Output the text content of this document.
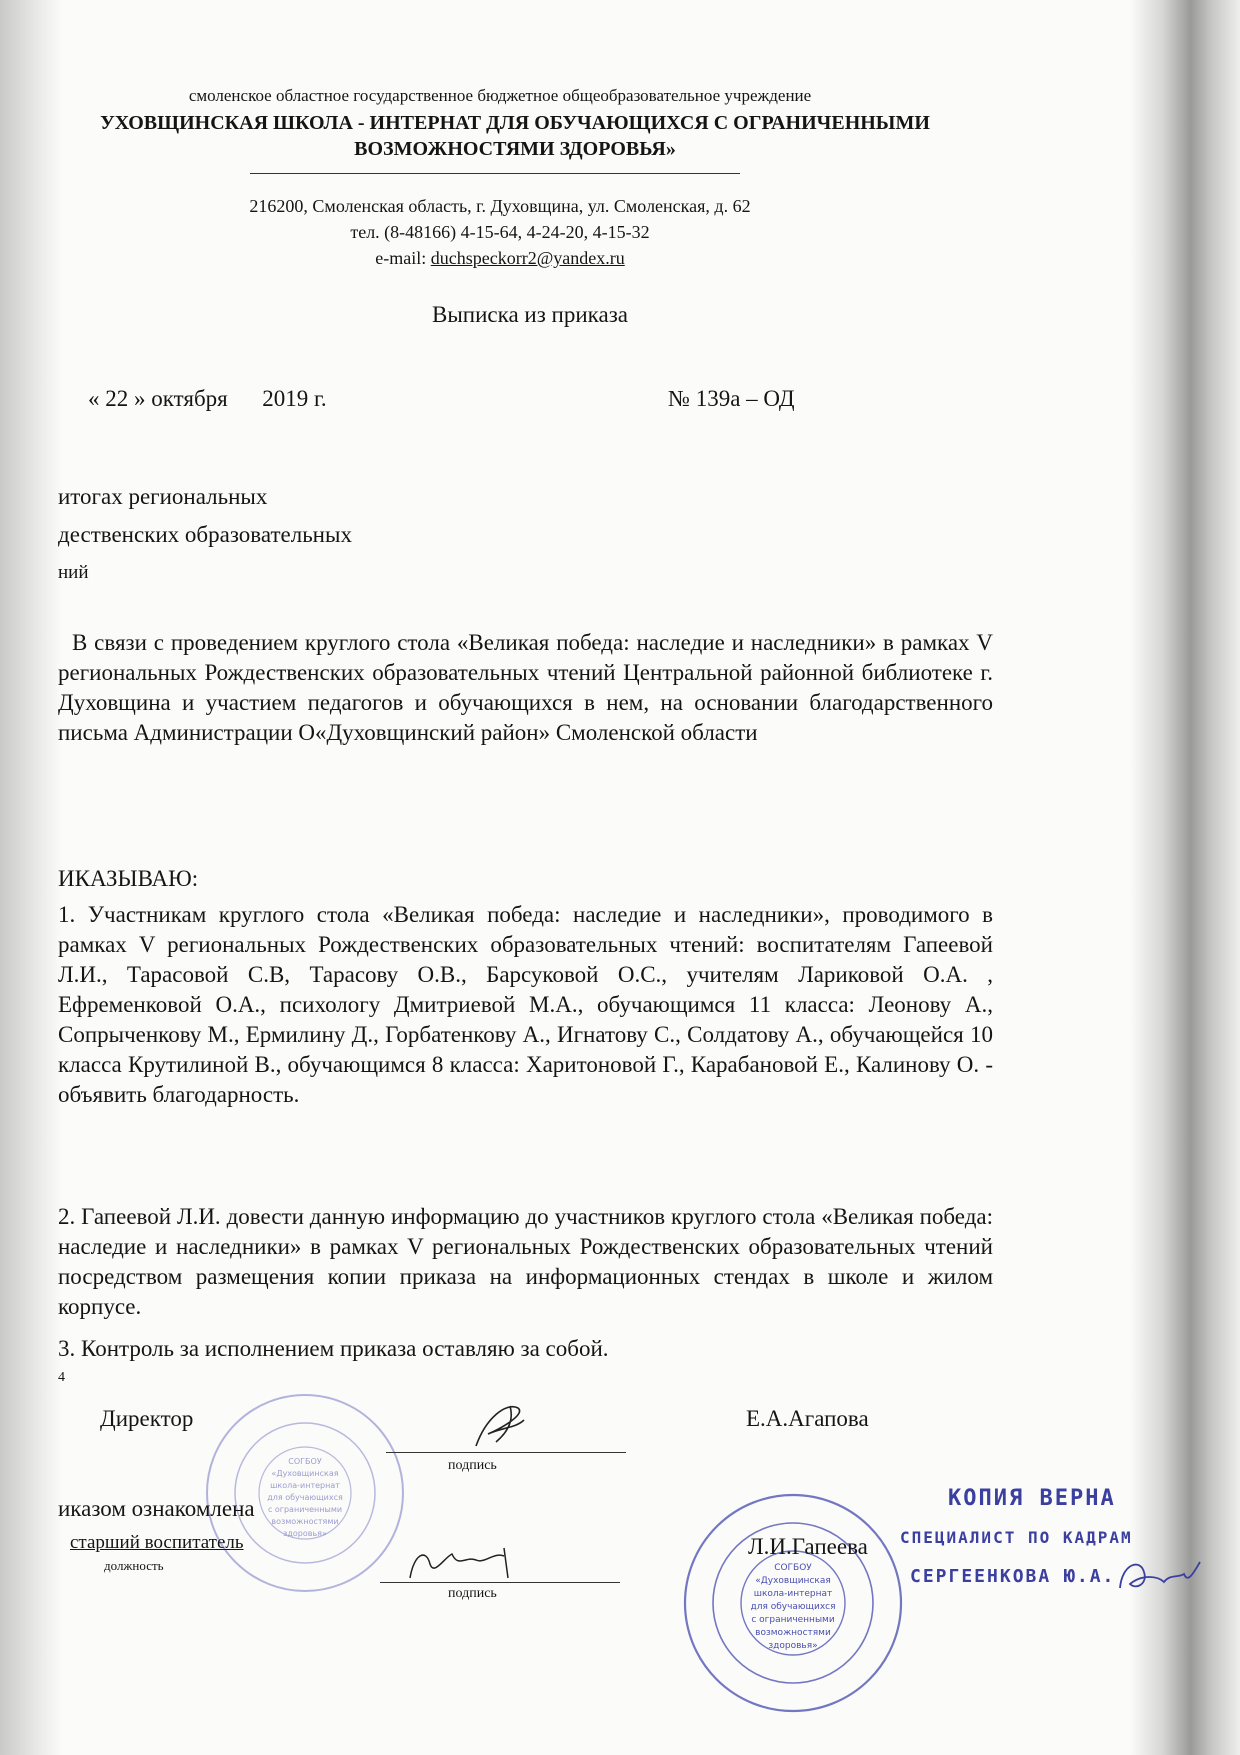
смоленское областное государственное бюджетное общеобразовательное учреждение
УХОВЩИНСКАЯ ШКОЛА - ИНТЕРНАТ ДЛЯ ОБУЧАЮЩИХСЯ С ОГРАНИЧЕННЫМИ
ВОЗМОЖНОСТЯМИ ЗДОРОВЬЯ»
216200, Смоленская область, г. Духовщина, ул. Смоленская, д. 62
тел. (8-48166) 4-15-64, 4-24-20, 4-15-32
e-mail: duchspeckorr2@yandex.ru
Выписка из приказа
« 22 » октября      2019 г.	№ 139а – ОД
итогах региональных
дественских образовательных
ний
В связи с проведением круглого стола «Великая победа: наследие и наследники» в рамках V региональных Рождественских образовательных чтений Центральной районной библиотеке г. Духовщина и участием педагогов и обучающихся в нем, на основании благодарственного письма Администрации О«Духовщинский район» Смоленской области
ИКАЗЫВАЮ:
1. Участникам круглого стола «Великая победа: наследие и наследники», проводимого в рамках V региональных Рождественских образовательных чтений: воспитателям Гапеевой Л.И., Тарасовой С.В, Тарасову О.В., Барсуковой О.С., учителям Лариковой О.А. , Ефременковой О.А., психологу Дмитриевой М.А., обучающимся 11 класса: Леонову А., Сопрыченкову М., Ермилину Д., Горбатенкову А., Игнатову С., Солдатову А., обучающейся 10 класса Крутилиной В., обучающимся 8 класса: Харитоновой Г., Карабановой Е., Калинову О. - объявить благодарность.
2. Гапеевой Л.И. довести данную информацию до участников круглого стола «Великая победа: наследие и наследники» в рамках V региональных Рождественских образовательных чтений посредством размещения копии приказа на информационных стендах в школе и жилом корпусе.
3. Контроль за исполнением приказа оставляю за собой.
4
СОГБОУ
«Духовщинская
школа-интернат
для обучающихся
с ограниченными
возможностями
здоровья»
Директор	Е.А.Агапова
подпись
иказом ознакомлена
старший воспитатель
должность
подпись
СОГБОУ
«Духовщинская
школа-интернат
для обучающихся
с ограниченными
возможностями
здоровья»
Л.И.Гапеева
КОПИЯ ВЕРНА
СПЕЦИАЛИСТ ПО КАДРАМ
СЕРГЕЕНКОВА Ю.А.
